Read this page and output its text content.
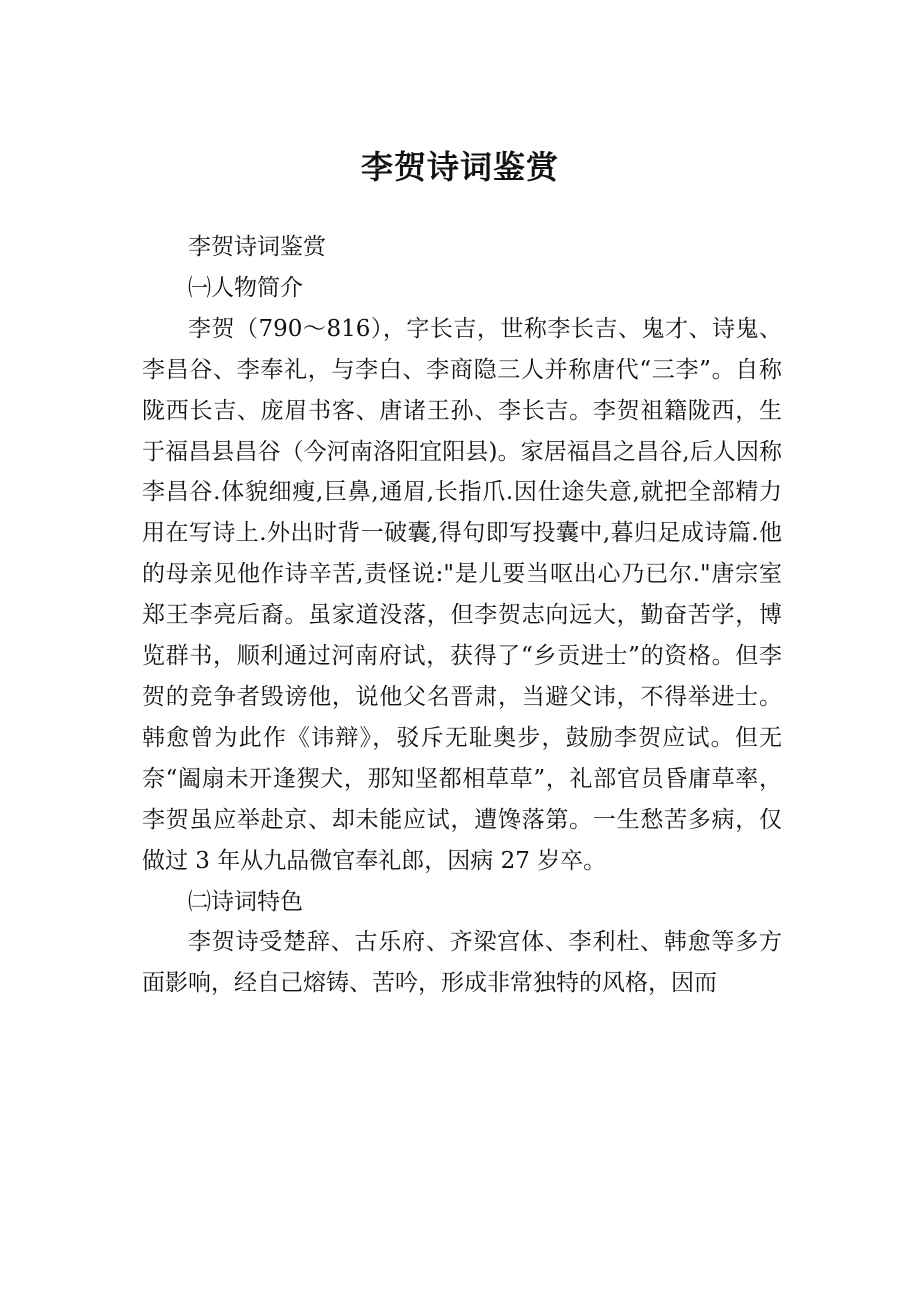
李贺诗词鉴赏

李贺诗词鉴赏

㈠人物简介

李贺（790～816），字长吉，世称李长吉、鬼才、诗鬼、李昌谷、李奉礼，与李白、李商隐三人并称唐代“三李”。自称陇西长吉、庞眉书客、唐诸王孙、李长吉。李贺祖籍陇西，生于福昌县昌谷（今河南洛阳宜阳县)。家居福昌之昌谷,后人因称李昌谷.体貌细瘦,巨鼻,通眉,长指爪.因仕途失意,就把全部精力用在写诗上.外出时背一破囊,得句即写投囊中,暮归足成诗篇.他的母亲见他作诗辛苦,责怪说:"是儿要当呕出心乃已尔."唐宗室郑王李亮后裔。虽家道没落，但李贺志向远大，勤奋苦学，博览群书，顺利通过河南府试，获得了“乡贡进士”的资格。但李贺的竞争者毁谤他，说他父名晋肃，当避父讳，不得举进士。韩愈曾为此作《讳辩》，驳斥无耻奥步，鼓励李贺应试。但无奈“阖扇未开逢猰犬，那知坚都相草草”，礼部官员昏庸草率，李贺虽应举赴京、却未能应试，遭馋落第。一生愁苦多病，仅做过 3 年从九品微官奉礼郎，因病 27 岁卒。

㈡诗词特色

李贺诗受楚辞、古乐府、齐梁宫体、李利杜、韩愈等多方面影响，经自己熔铸、苦吟，形成非常独特的风格，因而
